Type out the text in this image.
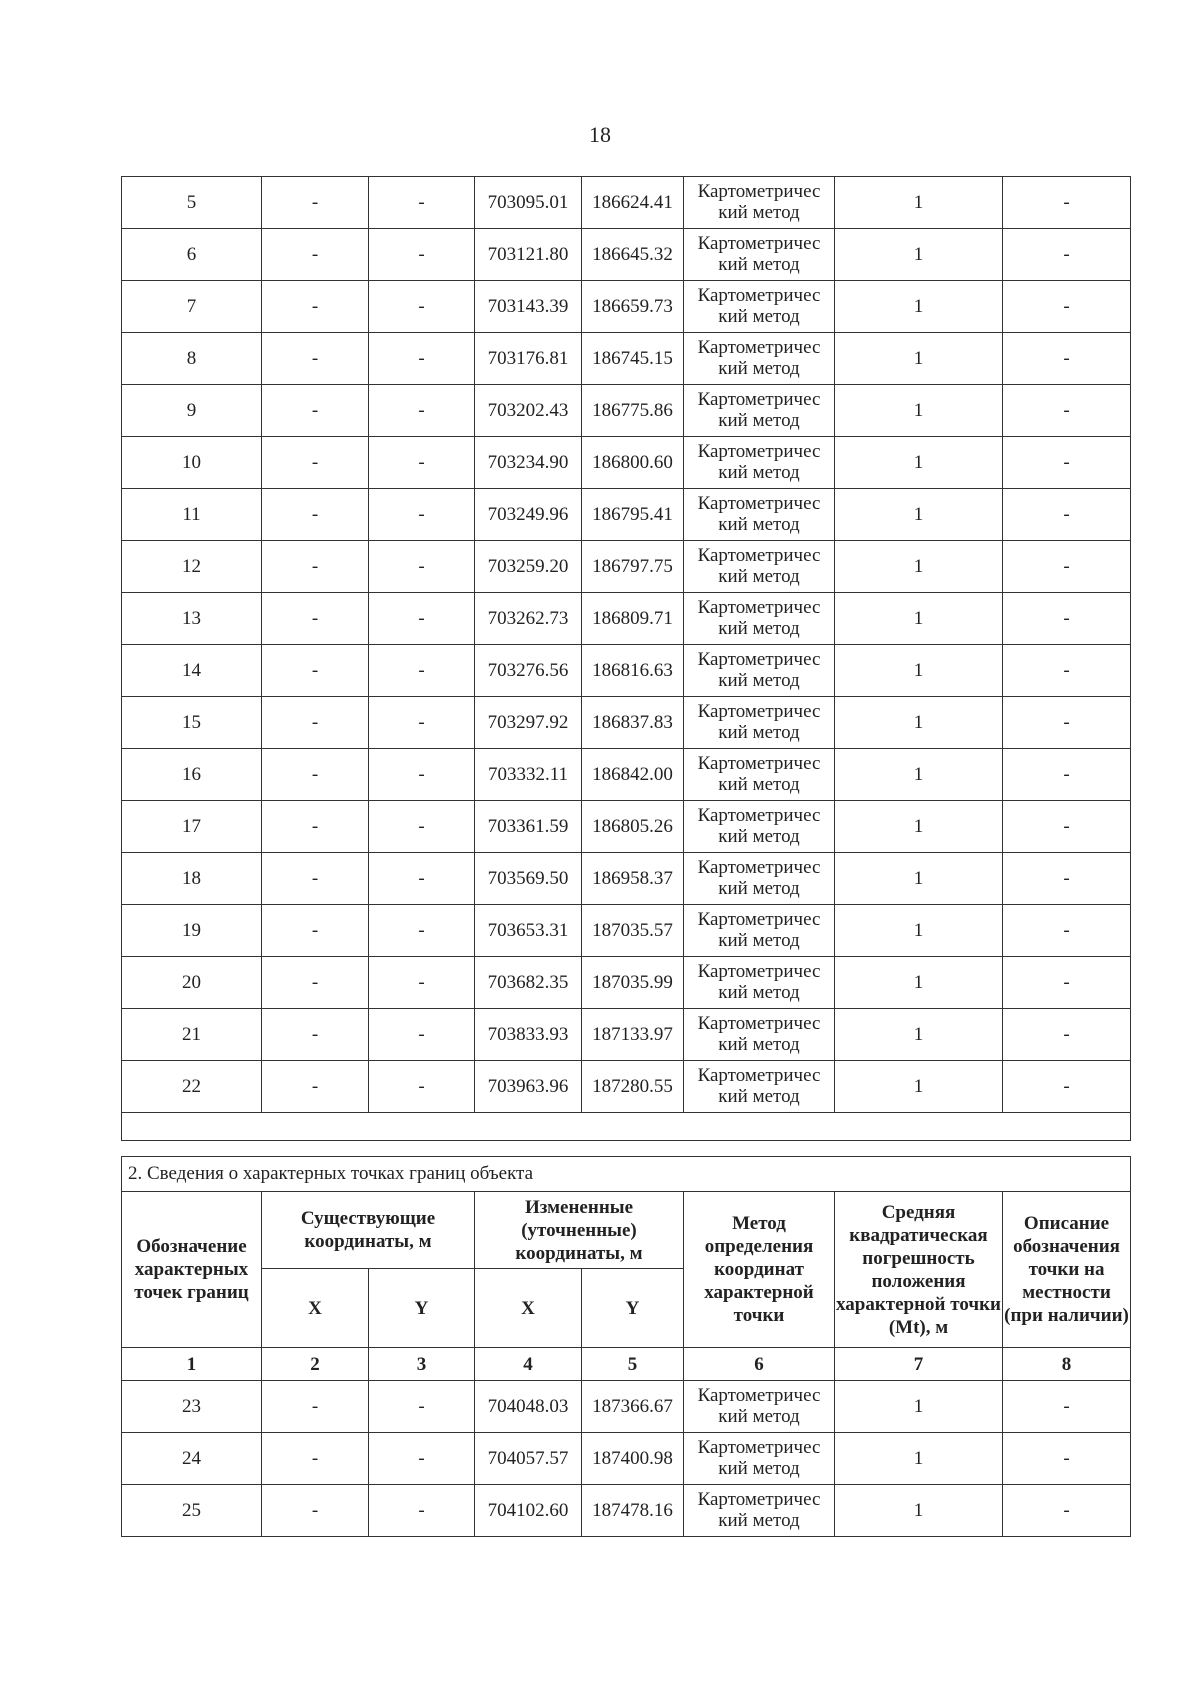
18
5	-	-	703095.01	186624.41	Картометричес
кий метод	1	-
6	-	-	703121.80	186645.32	Картометричес
кий метод	1	-
7	-	-	703143.39	186659.73	Картометричес
кий метод	1	-
8	-	-	703176.81	186745.15	Картометричес
кий метод	1	-
9	-	-	703202.43	186775.86	Картометричес
кий метод	1	-
10	-	-	703234.90	186800.60	Картометричес
кий метод	1	-
11	-	-	703249.96	186795.41	Картометричес
кий метод	1	-
12	-	-	703259.20	186797.75	Картометричес
кий метод	1	-
13	-	-	703262.73	186809.71	Картометричес
кий метод	1	-
14	-	-	703276.56	186816.63	Картометричес
кий метод	1	-
15	-	-	703297.92	186837.83	Картометричес
кий метод	1	-
16	-	-	703332.11	186842.00	Картометричес
кий метод	1	-
17	-	-	703361.59	186805.26	Картометричес
кий метод	1	-
18	-	-	703569.50	186958.37	Картометричес
кий метод	1	-
19	-	-	703653.31	187035.57	Картометричес
кий метод	1	-
20	-	-	703682.35	187035.99	Картометричес
кий метод	1	-
21	-	-	703833.93	187133.97	Картометричес
кий метод	1	-
22	-	-	703963.96	187280.55	Картометричес
кий метод	1	-

2. Сведения о характерных точках границ объекта							
Обозначение характерных точек границ	Существующие координаты, м		Измененные (уточненные) координаты, м		Метод определения координат характерной точки	Средняя квадратическая погрешность положения характерной точки (Mt), м	Описание обозначения точки на местности (при наличии)
	X	Y	X	Y			
1	2	3	4	5	6	7	8
23	-	-	704048.03	187366.67	Картометричес
кий метод	1	-
24	-	-	704057.57	187400.98	Картометричес
кий метод	1	-
25	-	-	704102.60	187478.16	Картометричес
кий метод	1	-
